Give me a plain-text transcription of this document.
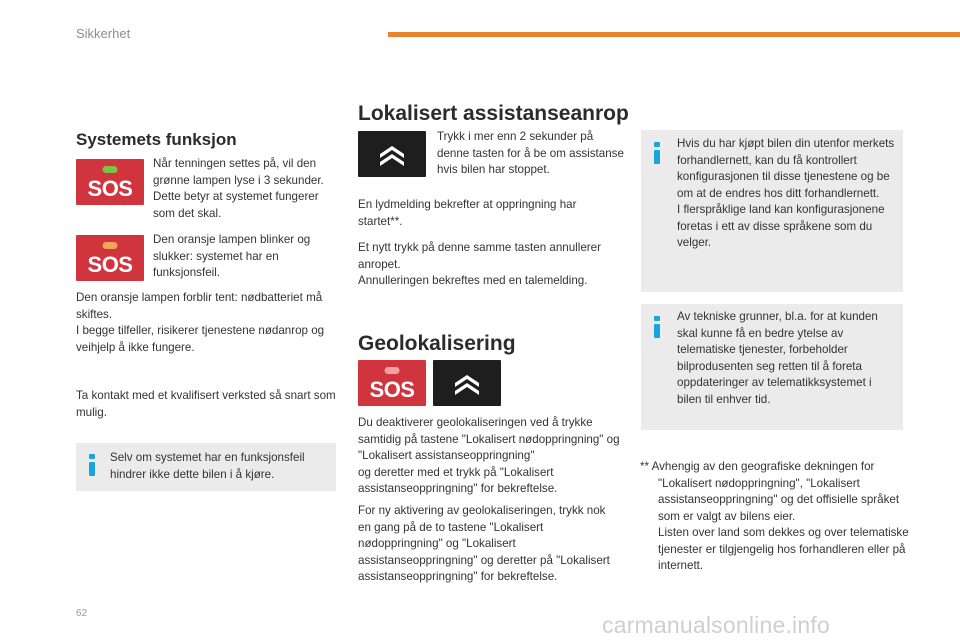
Sikkerhet
Systemets funksjon
SOS
Når tenningen settes på, vil den grønne lampen lyse i 3 sekunder. Dette betyr at systemet fungerer som det skal.
SOS
Den oransje lampen blinker og slukker: systemet har en funksjonsfeil.
Den oransje lampen forblir tent: nødbatteriet må skiftes.
I begge tilfeller, risikerer tjenestene nødanrop og veihjelp å ikke fungere.
Ta kontakt med et kvalifisert verksted så snart som mulig.
Selv om systemet har en funksjonsfeil hindrer ikke dette bilen i å kjøre.
Lokalisert assistanseanrop
Trykk i mer enn 2 sekunder på denne tasten for å be om assistanse hvis bilen har stoppet.
En lydmelding bekrefter at oppringning har startet**.
Et nytt trykk på denne samme tasten annullerer anropet.
Annulleringen bekreftes med en talemelding.
Geolokalisering
SOS
Du deaktiverer geolokaliseringen ved å trykke samtidig på tastene "Lokalisert nødoppringning" og "Lokalisert assistanseoppringning"
og deretter med et trykk på "Lokalisert assistanseoppringning" for bekreftelse.
For ny aktivering av geolokaliseringen, trykk nok en gang på de to tastene "Lokalisert nødoppringning" og "Lokalisert assistanseoppringning" og deretter på "Lokalisert assistanseoppringning" for bekreftelse.
Hvis du har kjøpt bilen din utenfor merkets forhandlernett, kan du få kontrollert konfigurasjonen til disse tjenestene og be om at de endres hos ditt forhandlernett.
I flerspråklige land kan konfigurasjonene foretas i ett av disse språkene som du velger.
Av tekniske grunner, bl.a. for at kunden skal kunne få en bedre ytelse av telematiske tjenester, forbeholder bilprodusenten seg retten til å foreta oppdateringer av telematikksystemet i bilen til enhver tid.
** Avhengig av den geografiske dekningen for "Lokalisert nødoppringning", "Lokalisert assistanseoppringning" og det offisielle språket som er valgt av bilens eier.
Listen over land som dekkes og over telematiske tjenester er tilgjengelig hos forhandleren eller på internett.
62	carmanualsonline.info
